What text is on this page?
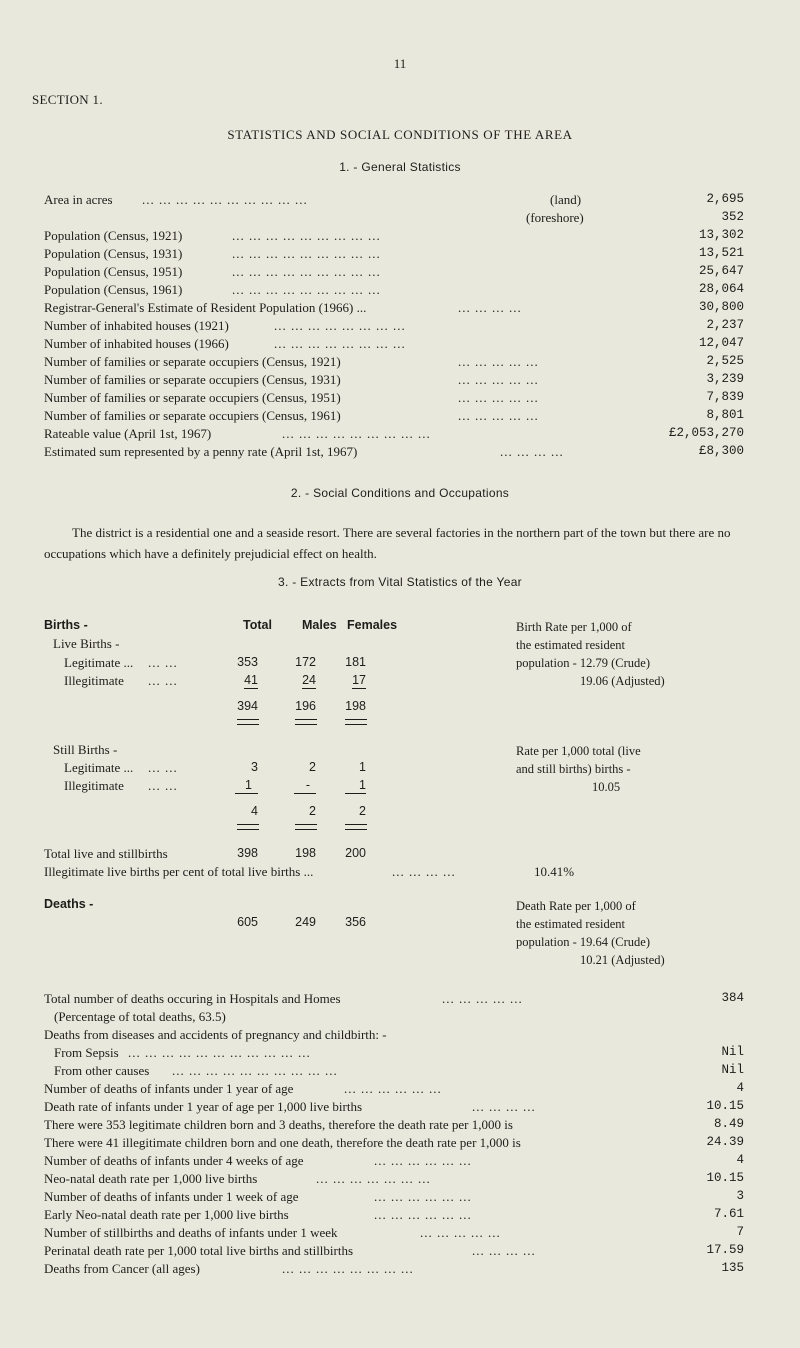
11
SECTION 1.
STATISTICS AND SOCIAL CONDITIONS OF THE AREA
1. - General Statistics
Area in acres ... ... ... ... ... ... ... ... ... ...	(land)	2,695
(foreshore)	352
Population (Census, 1921)	... ... ... ... ... ... ... ... ...	13,302
Population (Census, 1931)	... ... ... ... ... ... ... ... ...	13,521
Population (Census, 1951)	... ... ... ... ... ... ... ... ...	25,647
Population (Census, 1961)	... ... ... ... ... ... ... ... ...	28,064
Registrar-General's Estimate of Resident Population (1966) ...	... ... ... ...	30,800
Number of inhabited houses (1921)	... ... ... ... ... ... ... ...	2,237
Number of inhabited houses (1966)	... ... ... ... ... ... ... ...	12,047
Number of families or separate occupiers (Census, 1921)	... ... ... ... ...	2,525
Number of families or separate occupiers (Census, 1931)	... ... ... ... ...	3,239
Number of families or separate occupiers (Census, 1951)	... ... ... ... ...	7,839
Number of families or separate occupiers (Census, 1961)	... ... ... ... ...	8,801
Rateable value (April 1st, 1967)	... ... ... ... ... ... ... ... ...	£2,053,270
Estimated sum represented by a penny rate (April 1st, 1967)	... ... ... ...	£8,300
2. - Social Conditions and Occupations
The district is a residential one and a seaside resort. There are several factories in the northern part of the town but there are no occupations which have a definitely prejudicial effect on health.
3. - Extracts from Vital Statistics of the Year
Births -	Total Males Females
Live Births -
Legitimate ... ... ...	353	172	181
Illegitimate ... ...	41	24	17
394	196	198
Birth Rate per 1,000 of
the estimated resident
population - 12.79 (Crude)
19.06 (Adjusted)
Still Births -
Legitimate ... ... ...	3	2	1
Illegitimate ... ...	1	-	1
4	2	2
Rate per 1,000 total (live
and still births) births -
10.05
Total live and stillbirths	398	198	200
Illegitimate live births per cent of total live births ...	... ... ... ...	10.41%
Deaths -
605	249	356
Death Rate per 1,000 of
the estimated resident
population - 19.64 (Crude)
10.21 (Adjusted)
Total number of deaths occuring in Hospitals and Homes	... ... ... ... ...	384
(Percentage of total deaths, 63.5)
Deaths from diseases and accidents of pregnancy and childbirth: -
From Sepsis ... ... ... ... ... ... ... ... ... ... ...	Nil
From other causes ... ... ... ... ... ... ... ... ... ...	Nil
Number of deaths of infants under 1 year of age	... ... ... ... ... ...	4
Death rate of infants under 1 year of age per 1,000 live births	... ... ... ...	10.15
There were 353 legitimate children born and 3 deaths, therefore the death rate per 1,000 is	8.49
There were 41 illegitimate children born and one death, therefore the death rate per 1,000 is	24.39
Number of deaths of infants under 4 weeks of age	... ... ... ... ... ...	4
Neo-natal death rate per 1,000 live births	... ... ... ... ... ... ...	10.15
Number of deaths of infants under 1 week of age	... ... ... ... ... ...	3
Early Neo-natal death rate per 1,000 live births	... ... ... ... ... ...	7.61
Number of stillbirths and deaths of infants under 1 week	... ... ... ... ...	7
Perinatal death rate per 1,000 total live births and stillbirths	... ... ... ...	17.59
Deaths from Cancer (all ages)	... ... ... ... ... ... ... ...	135
